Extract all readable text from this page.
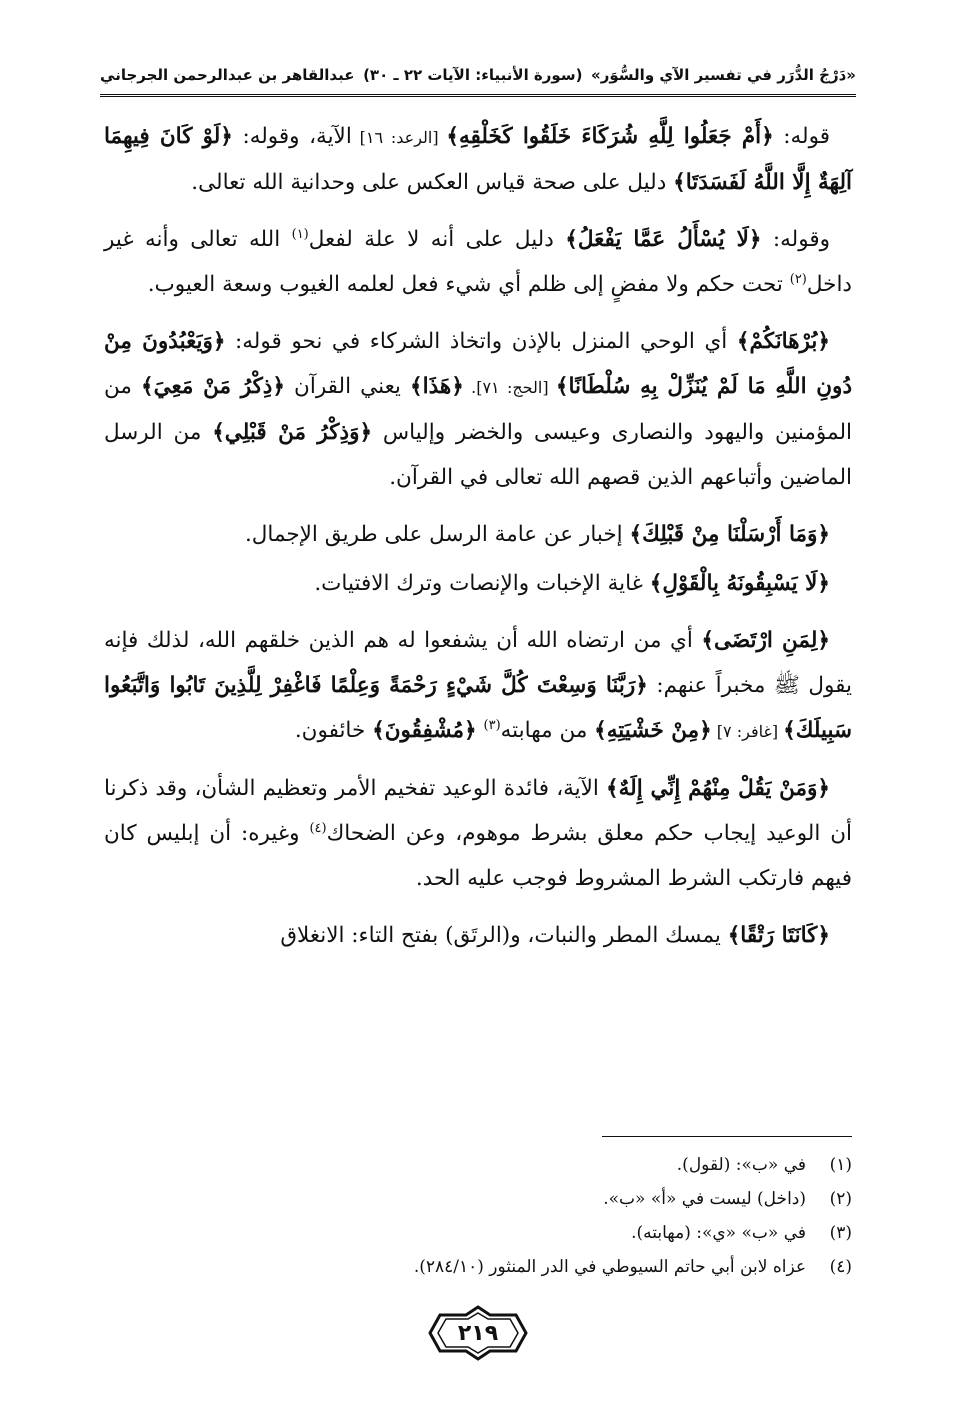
«دَرْجُ الدُّرَر في تفسير الآي والسُّوَر»
(سورة الأنبياء: الآيات ٢٢ ـ ٣٠)
عبدالقاهر بن عبدالرحمن الجرجاني

قوله: ﴿أَمْ جَعَلُوا لِلَّهِ شُرَكَاءَ خَلَقُوا كَخَلْقِهِ﴾ [الرعد: ١٦] الآية، وقوله: ﴿لَوْ كَانَ فِيهِمَا آلِهَةٌ إِلَّا اللَّهُ لَفَسَدَتَا﴾ دليل على صحة قياس العكس على وحدانية الله تعالى.

وقوله: ﴿لَا يُسْأَلُ عَمَّا يَفْعَلُ﴾ دليل على أنه لا علة لفعل$^{(١)}$ الله تعالى وأنه غير داخل$^{(٢)}$ تحت حكم ولا مفضٍ إلى ظلم أي شيء فعل لعلمه الغيوب وسعة العيوب.

﴿بُرْهَانَكُمْ﴾ أي الوحي المنزل بالإذن واتخاذ الشركاء في نحو قوله: ﴿وَيَعْبُدُونَ مِنْ دُونِ اللَّهِ مَا لَمْ يُنَزِّلْ بِهِ سُلْطَانًا﴾ [الحج: ٧١]. ﴿هَذَا﴾ يعني القرآن ﴿ذِكْرُ مَنْ مَعِيَ﴾ من المؤمنين واليهود والنصارى وعيسى والخضر وإلياس ﴿وَذِكْرُ مَنْ قَبْلِي﴾ من الرسل الماضين وأتباعهم الذين قصهم الله تعالى في القرآن.

﴿وَمَا أَرْسَلْنَا مِنْ قَبْلِكَ﴾ إخبار عن عامة الرسل على طريق الإجمال.

﴿لَا يَسْبِقُونَهُ بِالْقَوْلِ﴾ غاية الإخبات والإنصات وترك الافتيات.

﴿لِمَنِ ارْتَضَى﴾ أي من ارتضاه الله أن يشفعوا له هم الذين خلقهم الله، لذلك فإنه يقول ﷺ مخبراً عنهم: ﴿رَبَّنَا وَسِعْتَ كُلَّ شَيْءٍ رَحْمَةً وَعِلْمًا فَاغْفِرْ لِلَّذِينَ تَابُوا وَاتَّبَعُوا سَبِيلَكَ﴾ [غافر: ٧] ﴿مِنْ خَشْيَتِهِ﴾ من مهابته$^{(٣)}$ ﴿مُشْفِقُونَ﴾ خائفون.

﴿وَمَنْ يَقُلْ مِنْهُمْ إِنِّي إِلَهٌ﴾ الآية، فائدة الوعيد تفخيم الأمر وتعظيم الشأن، وقد ذكرنا أن الوعيد إيجاب حكم معلق بشرط موهوم، وعن الضحاك$^{(٤)}$ وغيره: أن إبليس كان فيهم فارتكب الشرط المشروط فوجب عليه الحد.

﴿كَانَتَا رَتْقًا﴾ يمسك المطر والنبات، و(الرتَق) بفتح التاء: الانغلاق

(١)
في «ب»: (لقول).
(٢)
(داخل) ليست في «أ» «ب».
(٣)
في «ب» «ي»: (مهابته).
(٤)
عزاه لابن أبي حاتم السيوطي في الدر المنثور (٢٨٤/١٠).
٢١٩
